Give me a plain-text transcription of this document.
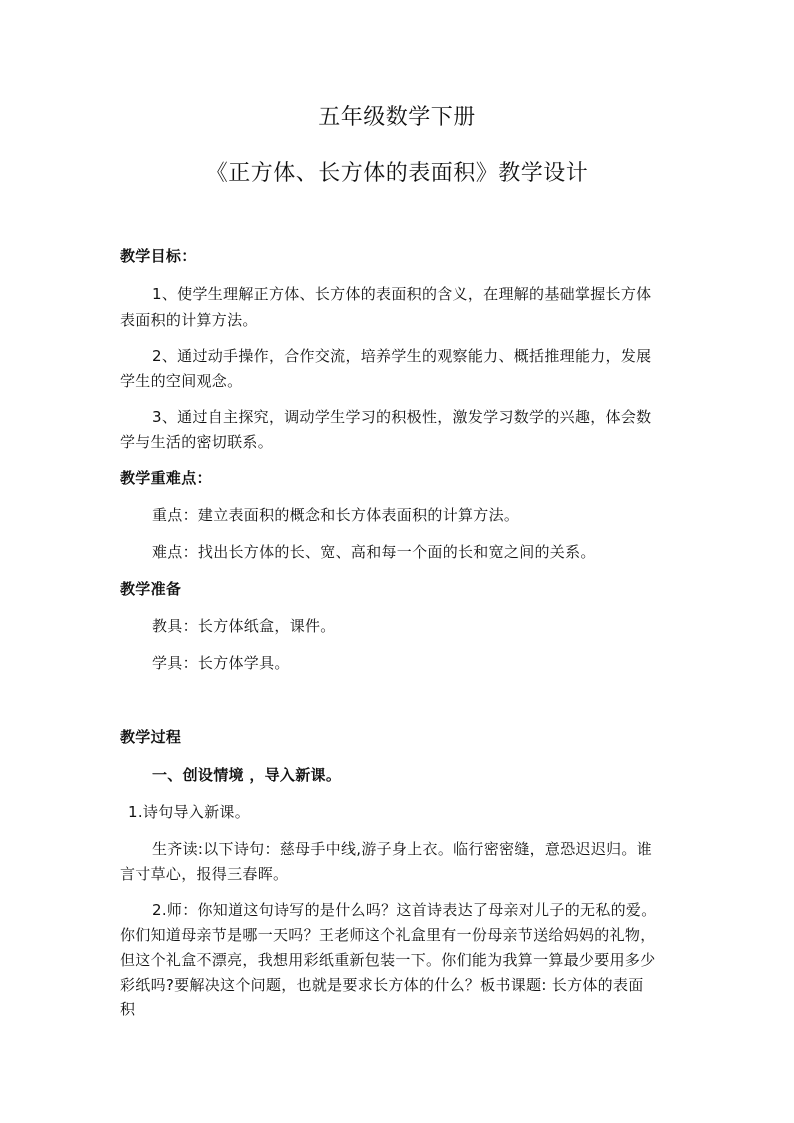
五年级数学下册
《正方体、长方体的表面积》教学设计
教学目标：
1、使学生理解正方体、长方体的表面积的含义，在理解的基础掌握长方体
表面积的计算方法。
2、通过动手操作，合作交流，培养学生的观察能力、概括推理能力，发展
学生的空间观念。
3、通过自主探究，调动学生学习的积极性，激发学习数学的兴趣，体会数
学与生活的密切联系。
教学重难点：
重点：建立表面积的概念和长方体表面积的计算方法。
难点：找出长方体的长、宽、高和每一个面的长和宽之间的关系。
教学准备
教具：长方体纸盒，课件。
学具：长方体学具。
教学过程
一、创设情境 ，导入新课。
1.诗句导入新课。
生齐读:以下诗句：慈母手中线,游子身上衣。临行密密缝，意恐迟迟归。谁
言寸草心，报得三春晖。
2.师：你知道这句诗写的是什么吗？这首诗表达了母亲对儿子的无私的爱。
你们知道母亲节是哪一天吗？王老师这个礼盒里有一份母亲节送给妈妈的礼物，
但这个礼盒不漂亮，我想用彩纸重新包装一下。你们能为我算一算最少要用多少
彩纸吗?要解决这个问题，也就是要求长方体的什么？板书课题: 长方体的表面
积
